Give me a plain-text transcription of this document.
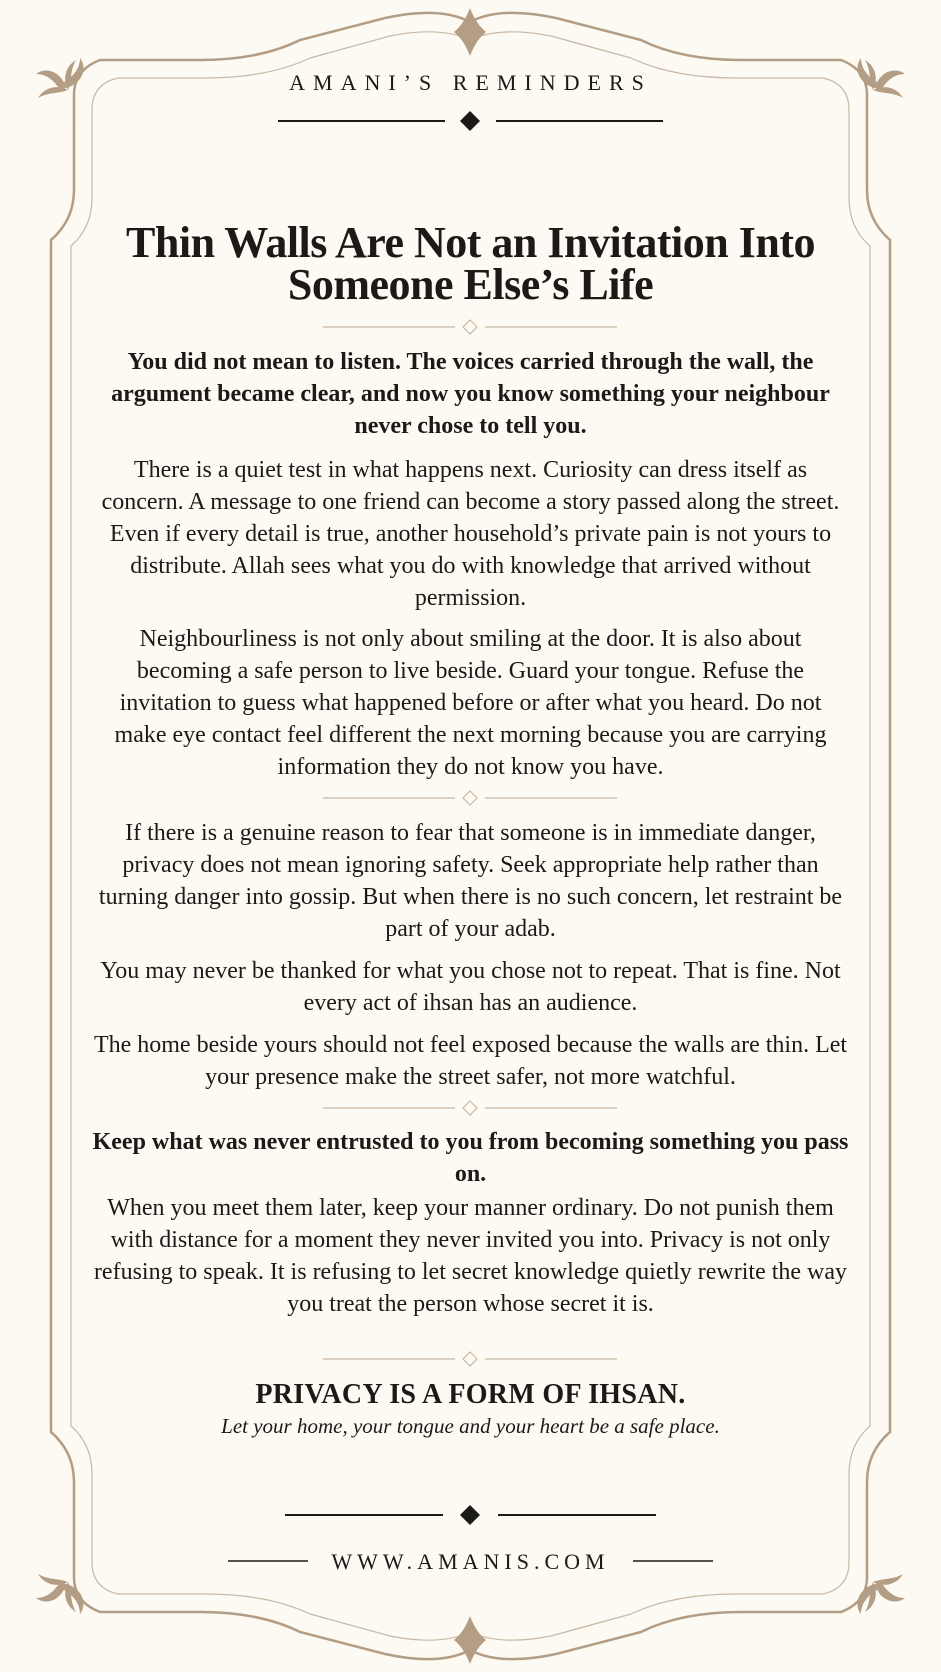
AMANI’S REMINDERS
Thin Walls Are Not an Invitation Into Someone Else’s Life

You did not mean to listen. The voices carried through the wall, the argument became clear, and now you know something your neighbour never chose to tell you.

There is a quiet test in what happens next. Curiosity can dress itself as concern. A message to one friend can become a story passed along the street. Even if every detail is true, another household’s private pain is not yours to distribute. Allah sees what you do with knowledge that arrived without permission.

Neighbourliness is not only about smiling at the door. It is also about becoming a safe person to live beside. Guard your tongue. Refuse the invitation to guess what happened before or after what you heard. Do not make eye contact feel different the next morning because you are carrying information they do not know you have.

If there is a genuine reason to fear that someone is in immediate danger, privacy does not mean ignoring safety. Seek appropriate help rather than turning danger into gossip. But when there is no such concern, let restraint be part of your adab.

You may never be thanked for what you chose not to repeat. That is fine. Not every act of ihsan has an audience.

The home beside yours should not feel exposed because the walls are thin. Let your presence make the street safer, not more watchful.

Keep what was never entrusted to you from becoming something you pass on.

When you meet them later, keep your manner ordinary. Do not punish them with distance for a moment they never invited you into. Privacy is not only refusing to speak. It is refusing to let secret knowledge quietly rewrite the way you treat the person whose secret it is.

PRIVACY IS A FORM OF IHSAN.

Let your home, your tongue and your heart be a safe place.

WWW.AMANIS.COM
